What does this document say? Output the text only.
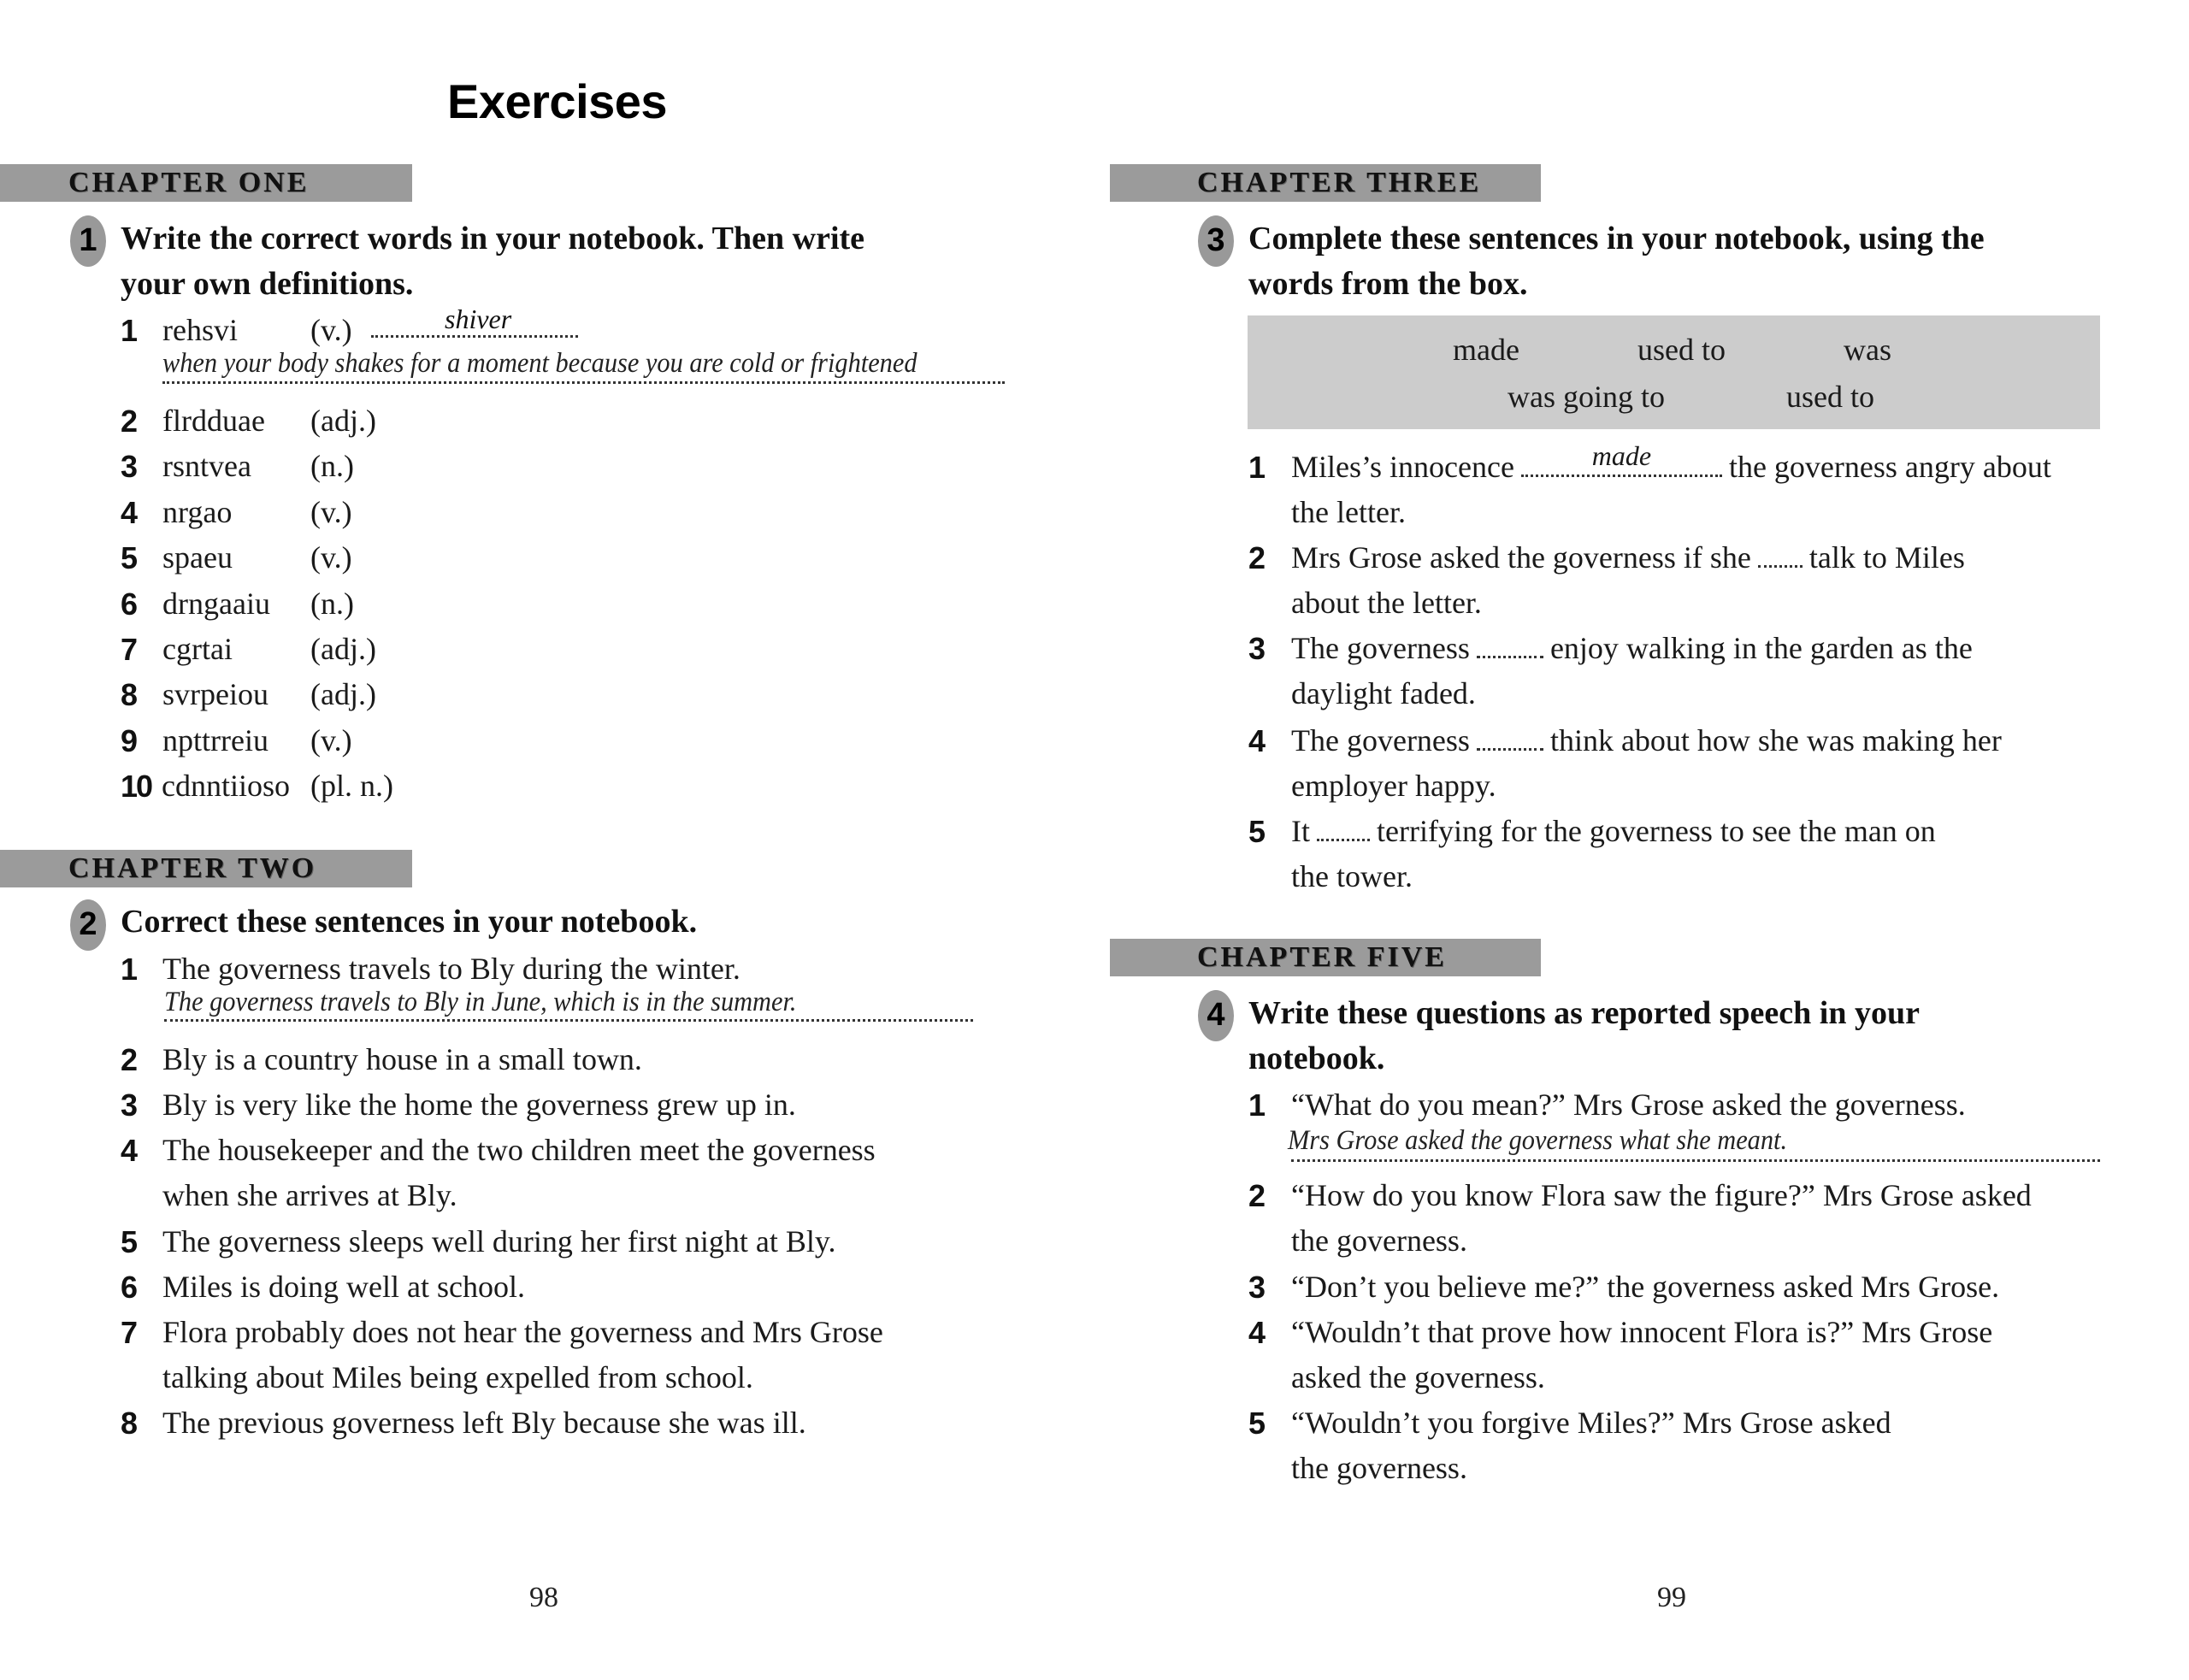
Exercises
CHAPTER ONE
1 Write the correct words in your notebook. Then write
your own definitions.
1 rehsvi (v.)
2 flrdduae (adj.)
3 rsntvea (n.)
4 nrgao	(v.)
5 spaeu	(v.)
6 drngaaiu (n.)
7 cgrtai	(adj.)
8 svrpeiou (adj.)
9 npttrreiu (v.)
10 cdnntiioso (pl. n.)
shiver
when your body shakes for a moment because you are cold or frightened
CHAPTER TWO
2 Correct these sentences in your notebook.
1 The governess travels to Bly during the winter.
2 Bly is a country house in a small town.
3 Bly is very like the home the governess grew up in.
4 The housekeeper and the two children meet the governess
when she arrives at Bly.
5 The governess sleeps well during her first night at Bly.
6 Miles is doing well at school.
7 Flora probably does not hear the governess and Mrs Grose
talking about Miles being expelled from school.
8 The previous governess left Bly because she was ill.
The governess travels to Bly in June, which is in the summer.
98
CHAPTER THREE
3 Complete these sentences in your notebook, using the
words from the box.
made	used to	was
was going to	used to
1 Miles’s innocence	made	the governess angry about
the letter.
2 Mrs Grose asked the governess if she talk to Miles
about the letter.
3 The governess	enjoy walking in the garden as the
daylight faded.
4 The governess	think about how she was making her
employer happy.
5 It terrifying for the governess to see the man on
the tower.
CHAPTER FIVE
4 Write these questions as reported speech in your
notebook.
1 “What do you mean?” Mrs Grose asked the governess.
2 “How do you know Flora saw the figure?” Mrs Grose asked
the governess.
3 “Don’t you believe me?” the governess asked Mrs Grose.
4 “Wouldn’t that prove how innocent Flora is?” Mrs Grose
asked the governess.
5 “Wouldn’t you forgive Miles?” Mrs Grose asked
the governess.
Mrs Grose asked the governess what she meant.
99
